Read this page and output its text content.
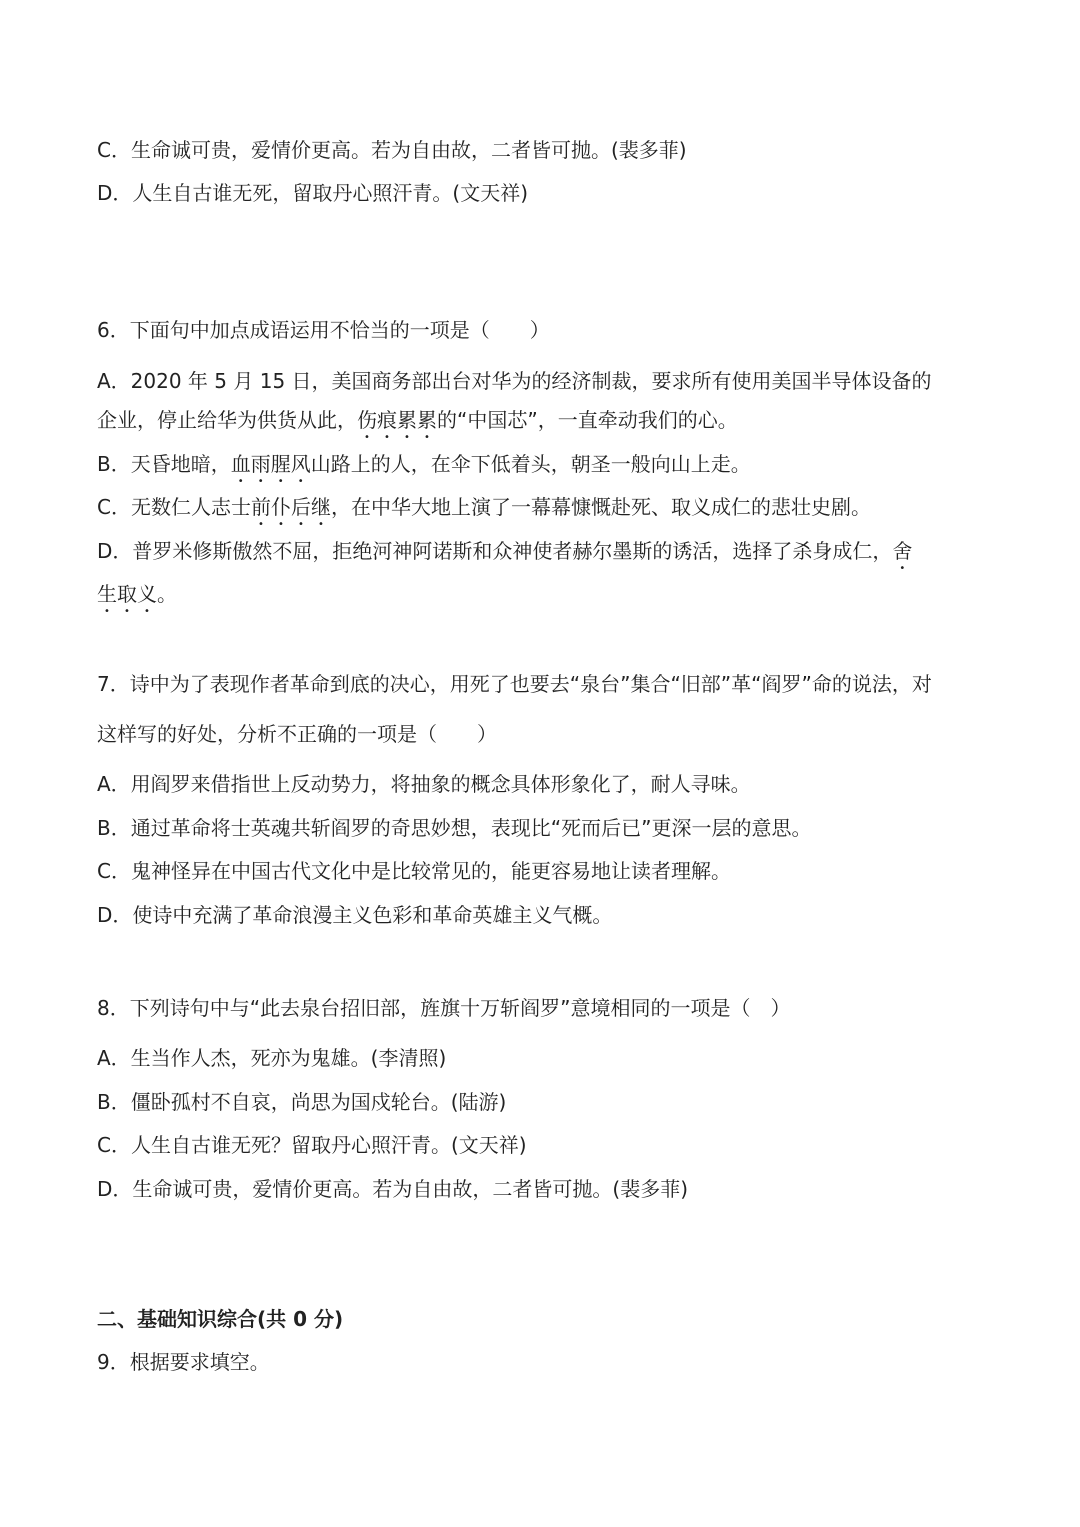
C．生命诚可贵，爱情价更高。若为自由故，二者皆可抛。(裴多菲)
D．人生自古谁无死，留取丹心照汗青。(文天祥)
6．下面句中加点成语运用不恰当的一项是（　　）
A．2020 年 5 月 15 日，美国商务部出台对华为的经济制裁，要求所有使用美国半导体设备的
企业，停止给华为供货从此，伤痕累累的“中国芯”，一直牵动我们的心。
B．天昏地暗，血雨腥风山路上的人，在伞下低着头，朝圣一般向山上走。
C．无数仁人志士前仆后继，在中华大地上演了一幕幕慷慨赴死、取义成仁的悲壮史剧。
D．普罗米修斯傲然不屈，拒绝河神阿诺斯和众神使者赫尔墨斯的诱活，选择了杀身成仁，舍
生取义。
7．诗中为了表现作者革命到底的决心，用死了也要去“泉台”集合“旧部”革“阎罗”命的说法，对
这样写的好处，分析不正确的一项是（　　）
A．用阎罗来借指世上反动势力，将抽象的概念具体形象化了，耐人寻味。
B．通过革命将士英魂共斩阎罗的奇思妙想，表现比“死而后已”更深一层的意思。
C．鬼神怪异在中国古代文化中是比较常见的，能更容易地让读者理解。
D．使诗中充满了革命浪漫主义色彩和革命英雄主义气概。
8．下列诗句中与“此去泉台招旧部，旌旗十万斩阎罗”意境相同的一项是（　）
A．生当作人杰，死亦为鬼雄。(李清照)
B．僵卧孤村不自哀，尚思为国戍轮台。(陆游)
C．人生自古谁无死？留取丹心照汗青。(文天祥)
D．生命诚可贵，爱情价更高。若为自由故，二者皆可抛。(裴多菲)
二、基础知识综合(共 0 分)
9．根据要求填空。
